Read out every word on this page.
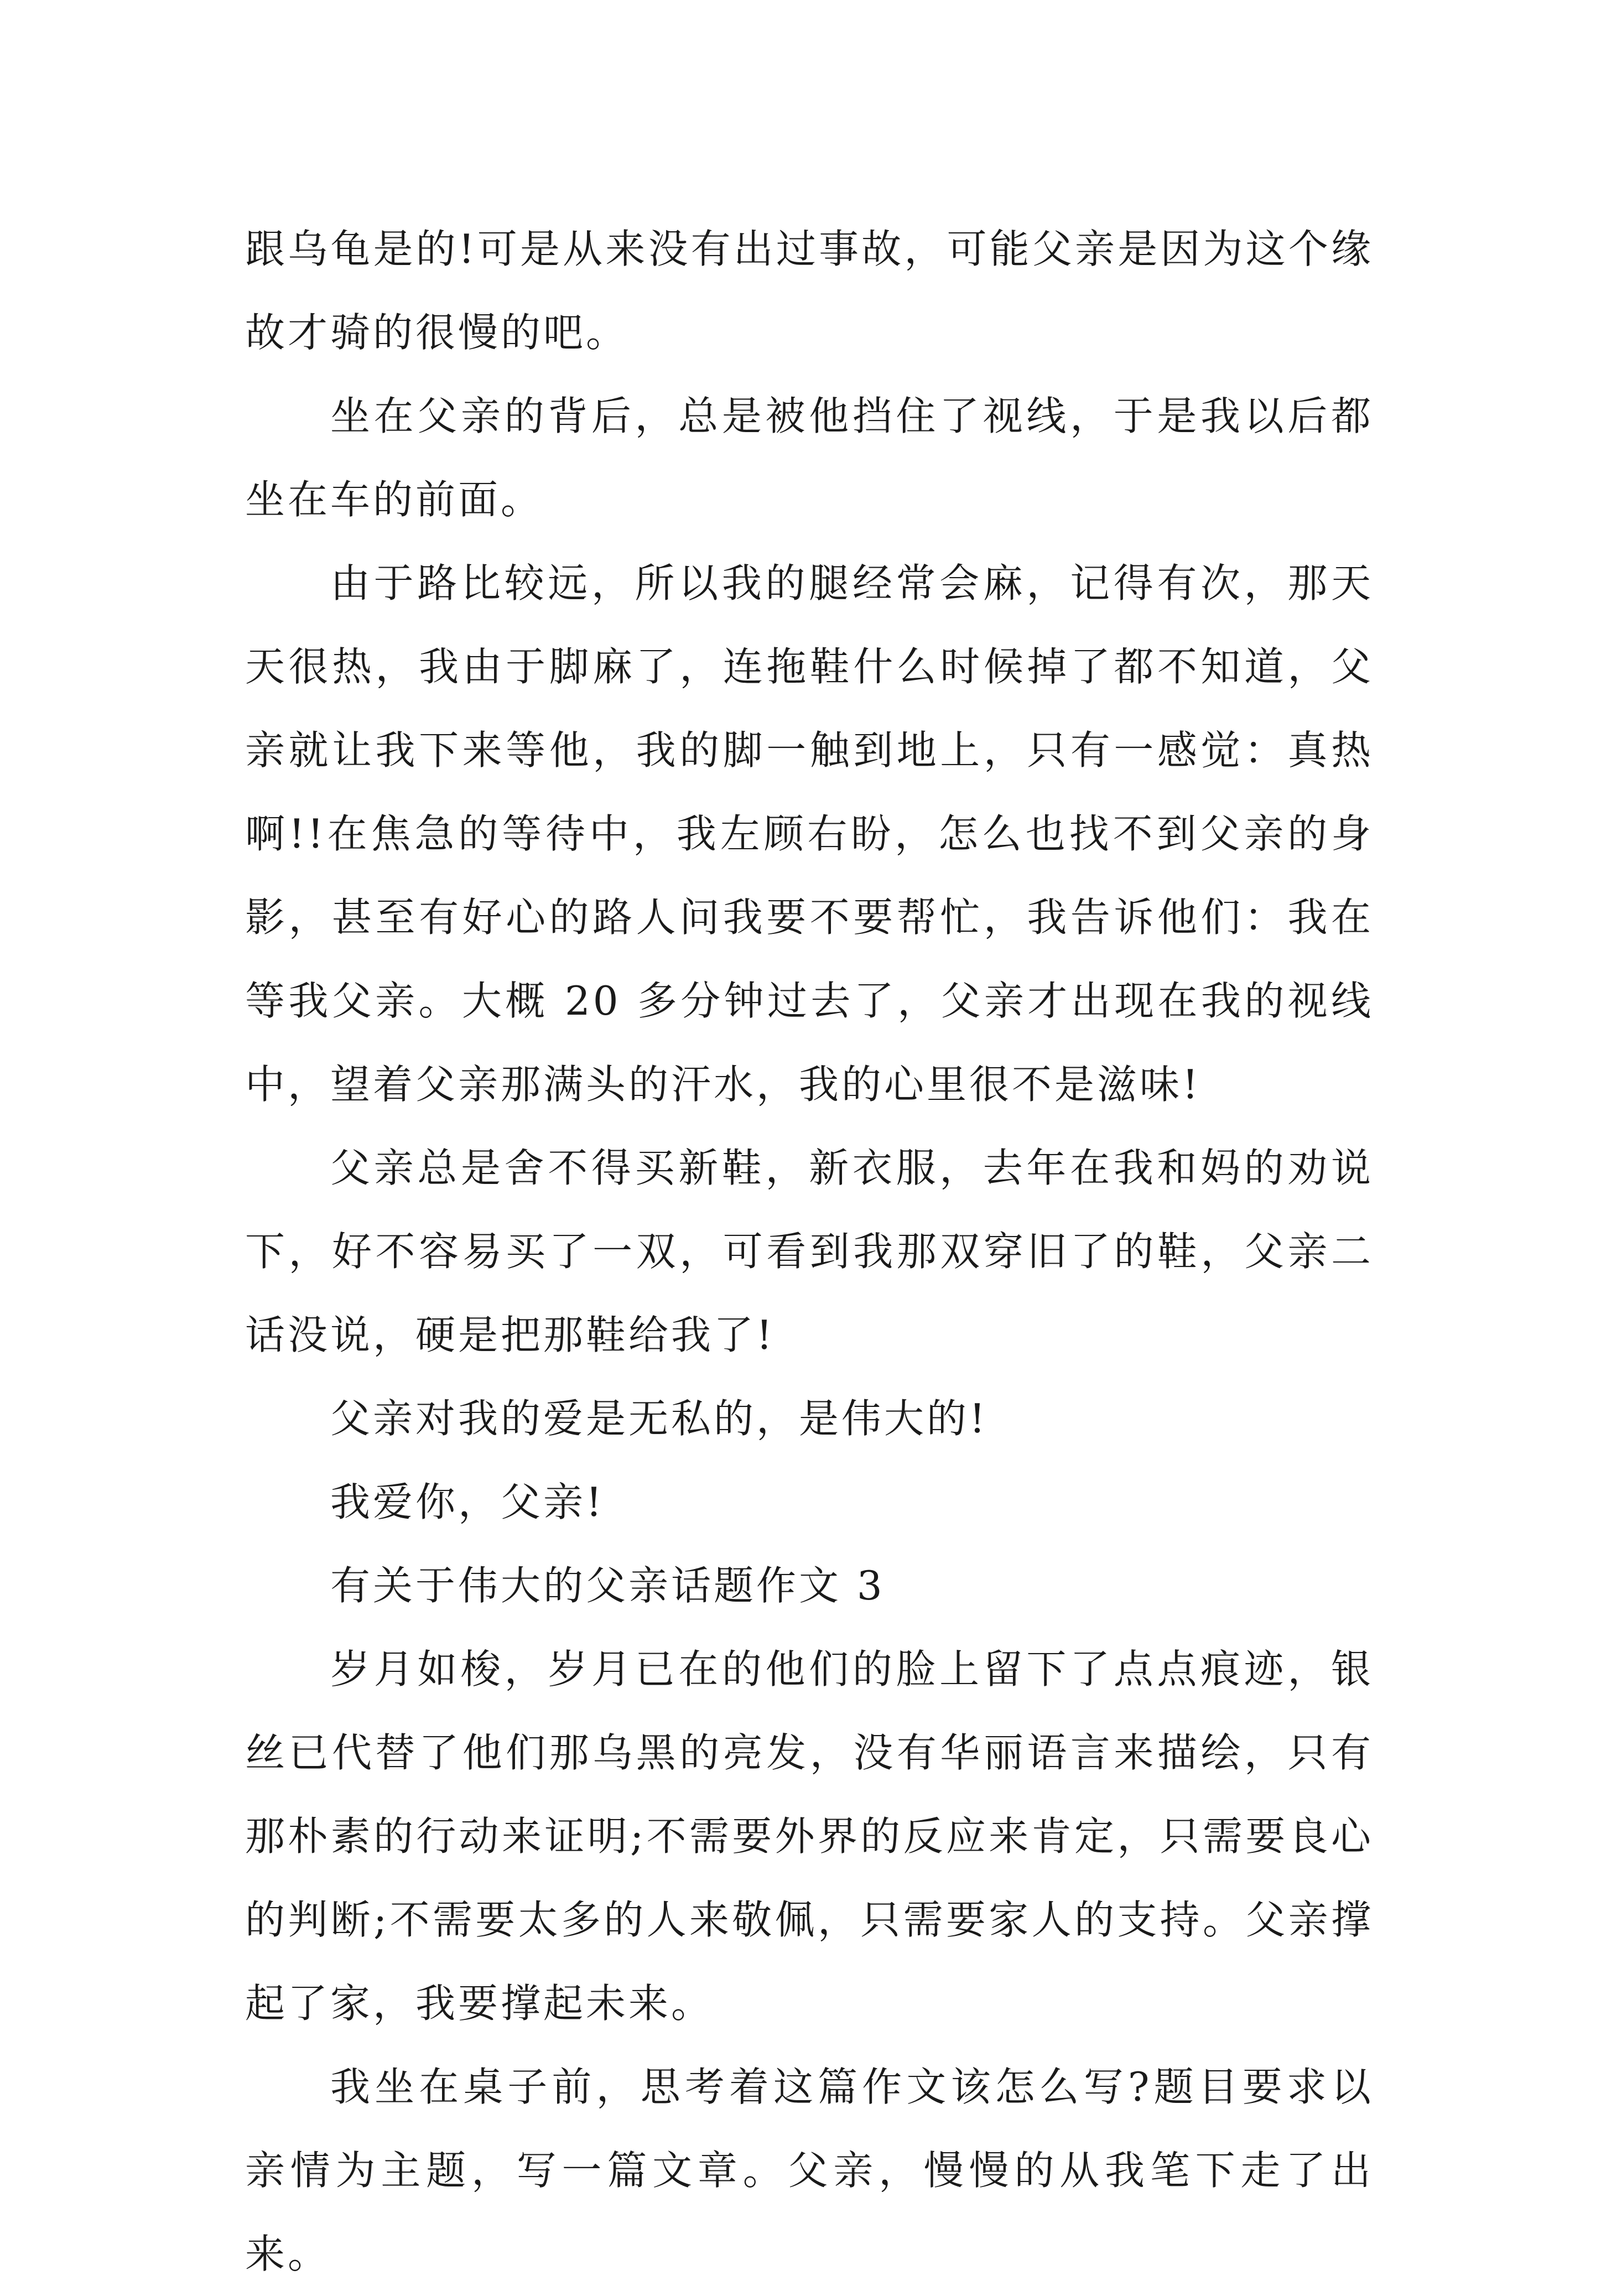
跟乌龟是的!可是从来没有出过事故，可能父亲是因为这个缘故才骑的很慢的吧。

坐在父亲的背后，总是被他挡住了视线，于是我以后都坐在车的前面。

由于路比较远，所以我的腿经常会麻，记得有次，那天天很热，我由于脚麻了，连拖鞋什么时候掉了都不知道，父亲就让我下来等他，我的脚一触到地上，只有一感觉：真热啊!!在焦急的等待中，我左顾右盼，怎么也找不到父亲的身影，甚至有好心的路人问我要不要帮忙，我告诉他们：我在等我父亲。大概 20 多分钟过去了，父亲才出现在我的视线中，望着父亲那满头的汗水，我的心里很不是滋味!

父亲总是舍不得买新鞋，新衣服，去年在我和妈的劝说下，好不容易买了一双，可看到我那双穿旧了的鞋，父亲二话没说，硬是把那鞋给我了!

父亲对我的爱是无私的，是伟大的!

我爱你，父亲!

有关于伟大的父亲话题作文 3

岁月如梭，岁月已在的他们的脸上留下了点点痕迹，银丝已代替了他们那乌黑的亮发，没有华丽语言来描绘，只有那朴素的行动来证明;不需要外界的反应来肯定，只需要良心的判断;不需要太多的人来敬佩，只需要家人的支持。父亲撑起了家，我要撑起未来。

我坐在桌子前，思考着这篇作文该怎么写?题目要求以亲情为主题，写一篇文章。父亲，慢慢的从我笔下走了出来。
